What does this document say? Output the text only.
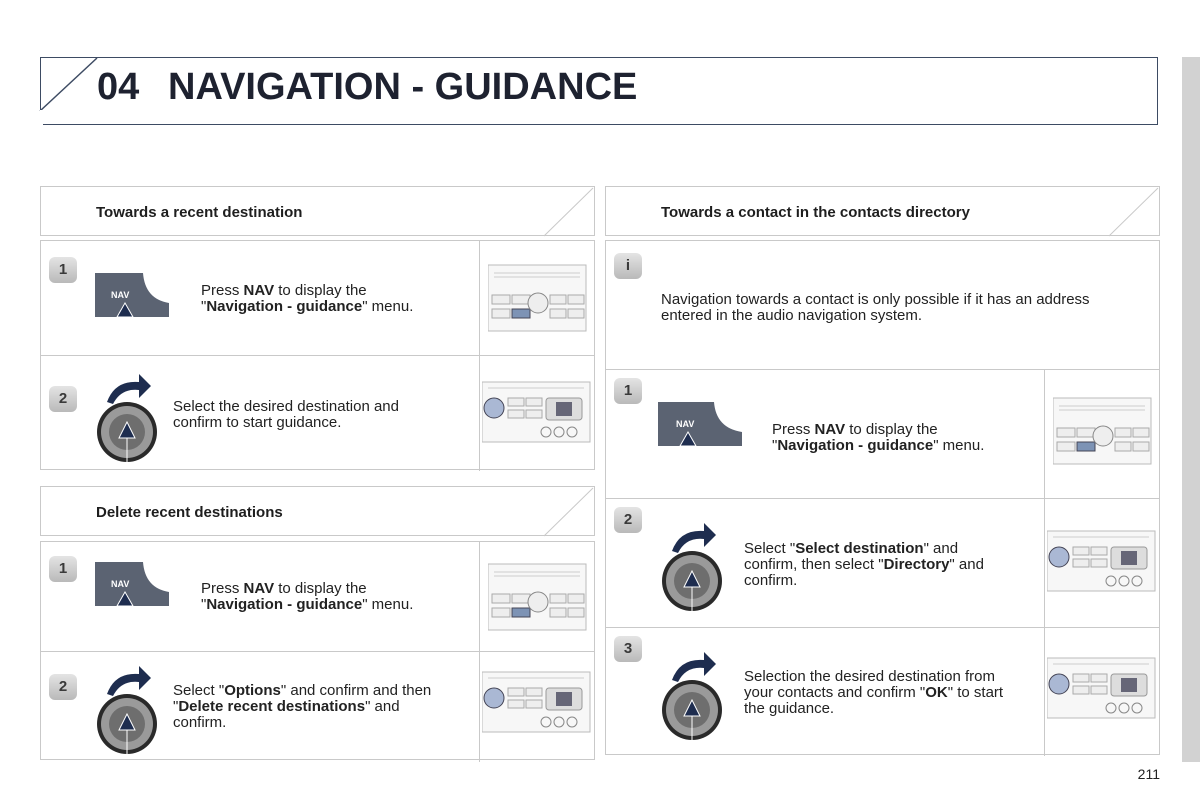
04 NAVIGATION - GUIDANCE
Towards a recent destination
1
NAV	Press NAV to display the
"Navigation - guidance" menu.
2	Select the desired destination and
confirm to start guidance.
Delete recent destinations
1
NAV	Press NAV to display the
"Navigation - guidance" menu.
2	Select "Options" and confirm and then
"Delete recent destinations" and
confirm.
Towards a contact in the contacts directory
i
Navigation towards a contact is only possible if it has an address
entered in the audio navigation system.
1
NAV	Press NAV to display the
"Navigation - guidance" menu.
2
Select "Select destination" and
confirm, then select "Directory" and
confirm.
3
Selection the desired destination from
your contacts and confirm "OK" to start
the guidance.
211
